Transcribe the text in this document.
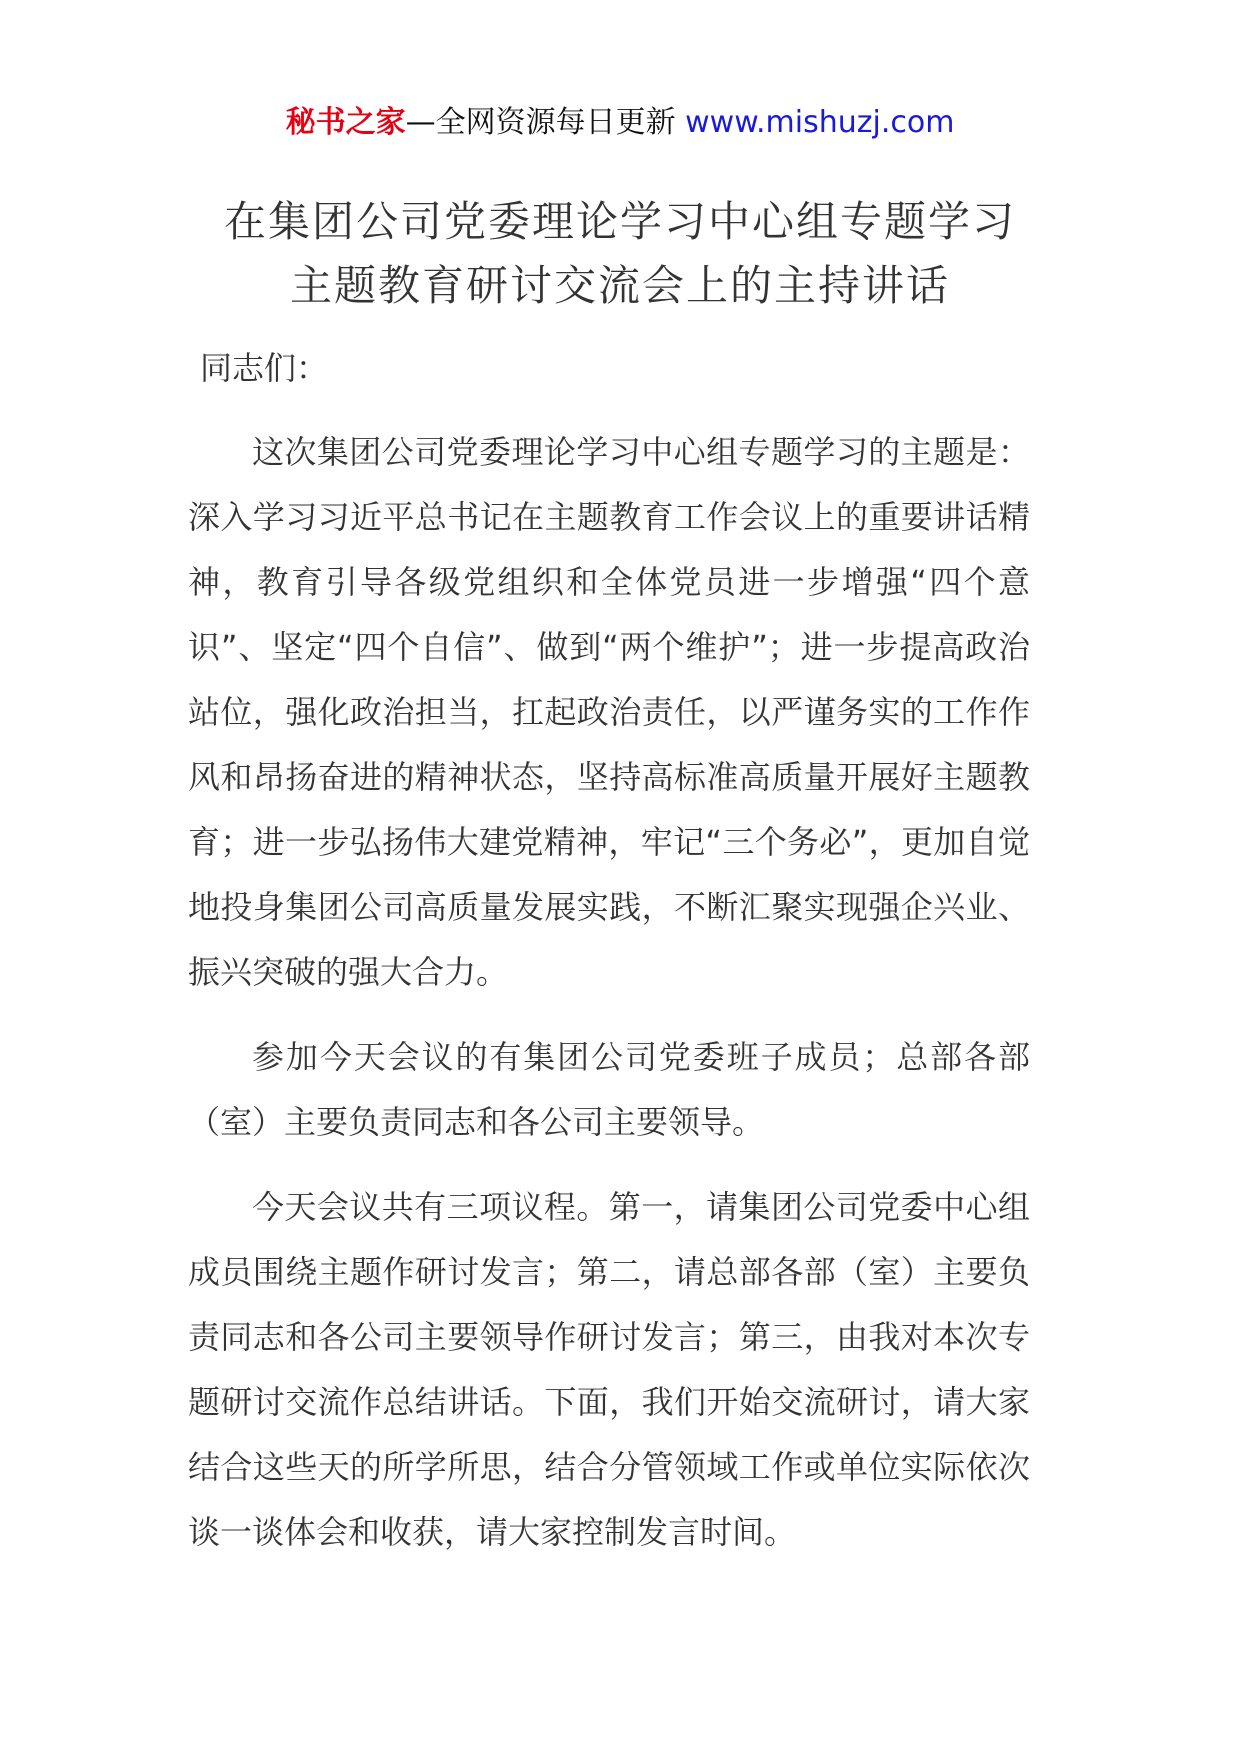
秘书之家—全网资源每日更新 www.mishuzj.com
在集团公司党委理论学习中心组专题学习
主题教育研讨交流会上的主持讲话

同志们：

这次集团公司党委理论学习中心组专题学习的主题是：深入学习习近平总书记在主题教育工作会议上的重要讲话精神，教育引导各级党组织和全体党员进一步增强“四个意识”、坚定“四个自信”、做到“两个维护”；进一步提高政治站位，强化政治担当，扛起政治责任，以严谨务实的工作作风和昂扬奋进的精神状态，坚持高标准高质量开展好主题教育；进一步弘扬伟大建党精神，牢记“三个务必”，更加自觉地投身集团公司高质量发展实践，不断汇聚实现强企兴业、振兴突破的强大合力。

参加今天会议的有集团公司党委班子成员；总部各部（室）主要负责同志和各公司主要领导。

今天会议共有三项议程。第一，请集团公司党委中心组成员围绕主题作研讨发言；第二，请总部各部（室）主要负责同志和各公司主要领导作研讨发言；第三，由我对本次专题研讨交流作总结讲话。下面，我们开始交流研讨，请大家结合这些天的所学所思，结合分管领域工作或单位实际依次谈一谈体会和收获，请大家控制发言时间。
